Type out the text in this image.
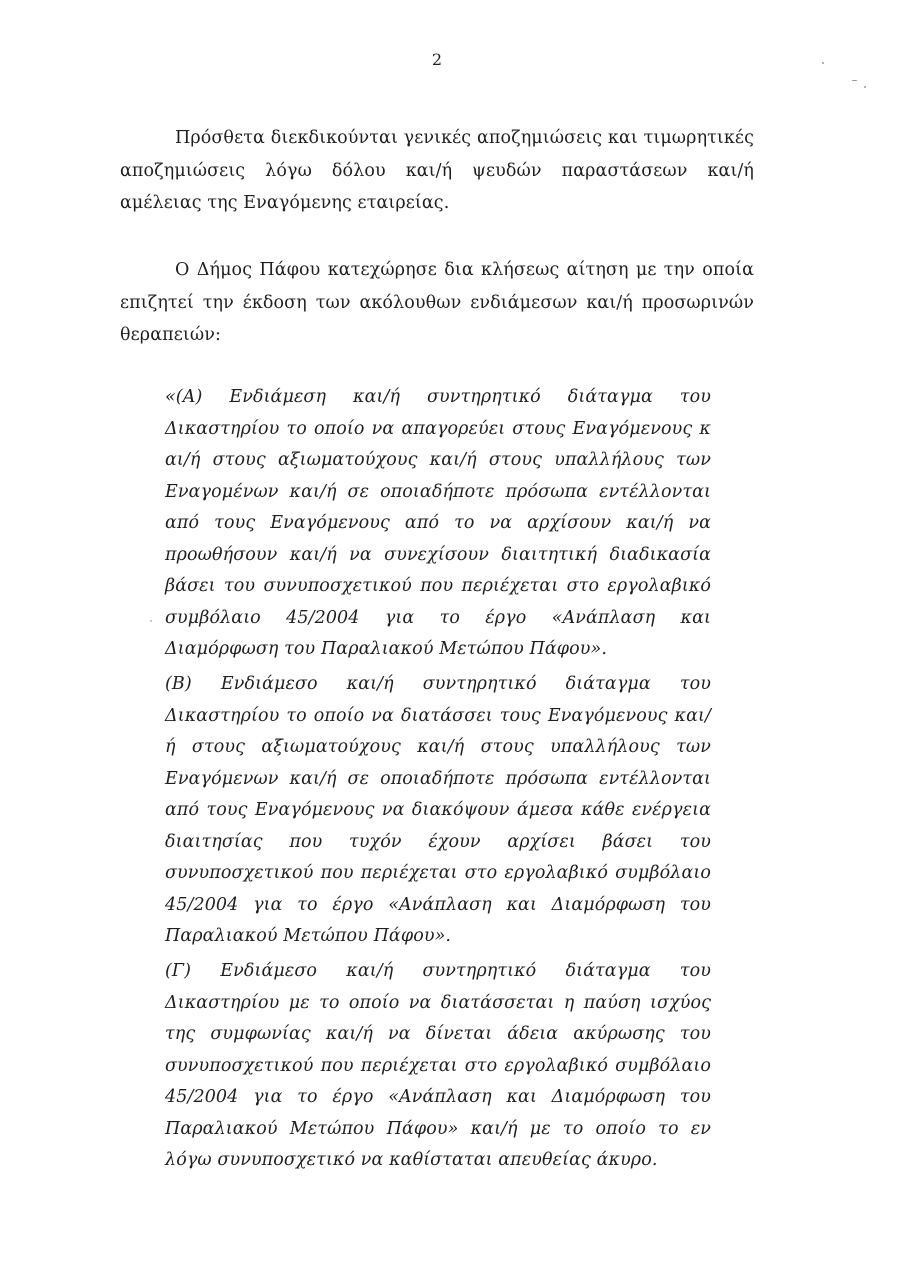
2

Πρόσθετα διεκδικούνται γενικές αποζημιώσεις και τιμωρητικές αποζημιώσεις λόγω δόλου και/ή ψευδών παραστάσεων και/ή αμέλειας της Εναγόμενης εταιρείας.

Ο Δήμος Πάφου κατεχώρησε δια κλήσεως αίτηση με την οποία επιζητεί την έκδοση των ακόλουθων ενδιάμεσων και/ή προσωρινών θεραπειών:

«(Α) Ενδιάμεση και/ή συντηρητικό διάταγμα του Δικαστηρίου το οποίο να απαγορεύει στους Εναγόμενους κ αι/ή στους αξιωματούχους και/ή στους υπαλλήλους των Εναγομένων και/ή σε οποιαδήποτε πρόσωπα εντέλλονται από τους Εναγόμενους από το να αρχίσουν και/ή να προωθήσουν και/ή να συνεχίσουν διαιτητική διαδικασία βάσει του συνυποσχετικού που περιέχεται στο εργολαβικό συμβόλαιο 45/2004 για το έργο «Ανάπλαση και Διαμόρφωση του Παραλιακού Μετώπου Πάφου».

(Β) Ενδιάμεσο και/ή συντηρητικό διάταγμα του Δικαστηρίου το οποίο να διατάσσει τους Εναγόμενους και/ή στους αξιωματούχους και/ή στους υπαλλήλους των Εναγόμενων και/ή σε οποιαδήποτε πρόσωπα εντέλλονται από τους Εναγόμενους να διακόψουν άμεσα κάθε ενέργεια διαιτησίας που τυχόν έχουν αρχίσει βάσει του συνυποσχετικού που περιέχεται στο εργολαβικό συμβόλαιο 45/2004 για το έργο «Ανάπλαση και Διαμόρφωση του Παραλιακού Μετώπου Πάφου».

(Γ) Ενδιάμεσο και/ή συντηρητικό διάταγμα του Δικαστηρίου με το οποίο να διατάσσεται η παύση ισχύος της συμφωνίας και/ή να δίνεται άδεια ακύρωσης του συνυποσχετικού που περιέχεται στο εργολαβικό συμβόλαιο 45/2004 για το έργο «Ανάπλαση και Διαμόρφωση του Παραλιακού Μετώπου Πάφου» και/ή με το οποίο το εν λόγω συνυποσχετικό να καθίσταται απευθείας άκυρο.
